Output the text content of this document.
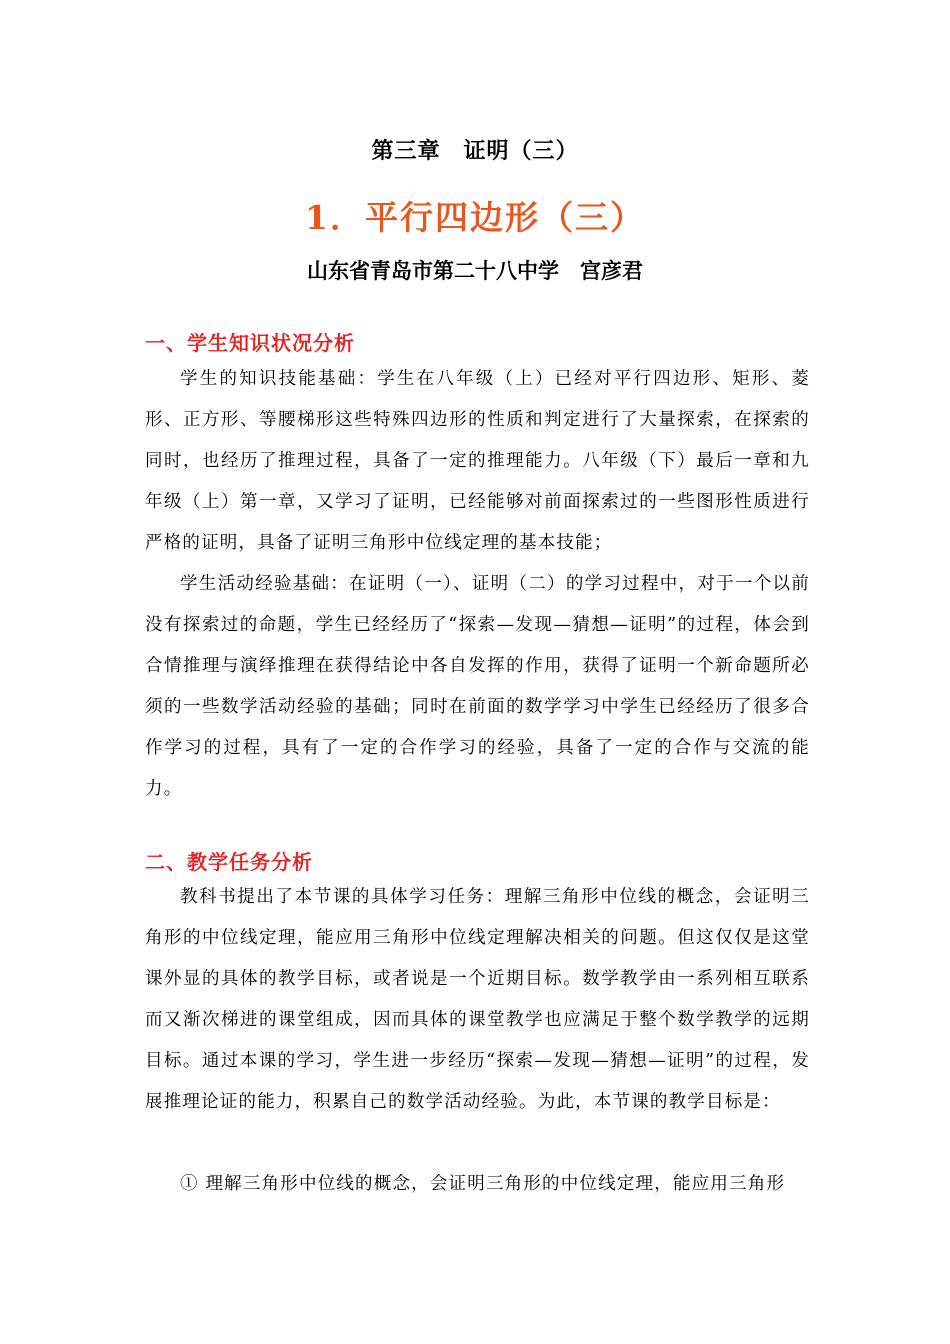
第三章　证明（三）
1．平行四边形（三）
山东省青岛市第二十八中学　宫彦君
一、学生知识状况分析
学生的知识技能基础：学生在八年级（上）已经对平行四边形、矩形、菱形、正方形、等腰梯形这些特殊四边形的性质和判定进行了大量探索，在探索的同时，也经历了推理过程，具备了一定的推理能力。八年级（下）最后一章和九年级（上）第一章，又学习了证明，已经能够对前面探索过的一些图形性质进行严格的证明，具备了证明三角形中位线定理的基本技能；
学生活动经验基础：在证明（一）、证明（二）的学习过程中，对于一个以前没有探索过的命题，学生已经经历了“探索—发现—猜想—证明”的过程，体会到合情推理与演绎推理在获得结论中各自发挥的作用，获得了证明一个新命题所必须的一些数学活动经验的基础；同时在前面的数学学习中学生已经经历了很多合作学习的过程，具有了一定的合作学习的经验，具备了一定的合作与交流的能力。
二、教学任务分析
教科书提出了本节课的具体学习任务：理解三角形中位线的概念，会证明三角形的中位线定理，能应用三角形中位线定理解决相关的问题。但这仅仅是这堂课外显的具体的教学目标，或者说是一个近期目标。数学教学由一系列相互联系而又渐次梯进的课堂组成，因而具体的课堂教学也应满足于整个数学教学的远期目标。通过本课的学习，学生进一步经历“探索—发现—猜想—证明”的过程，发展推理论证的能力，积累自己的数学活动经验。为此，本节课的教学目标是：
① 理解三角形中位线的概念，会证明三角形的中位线定理，能应用三角形
